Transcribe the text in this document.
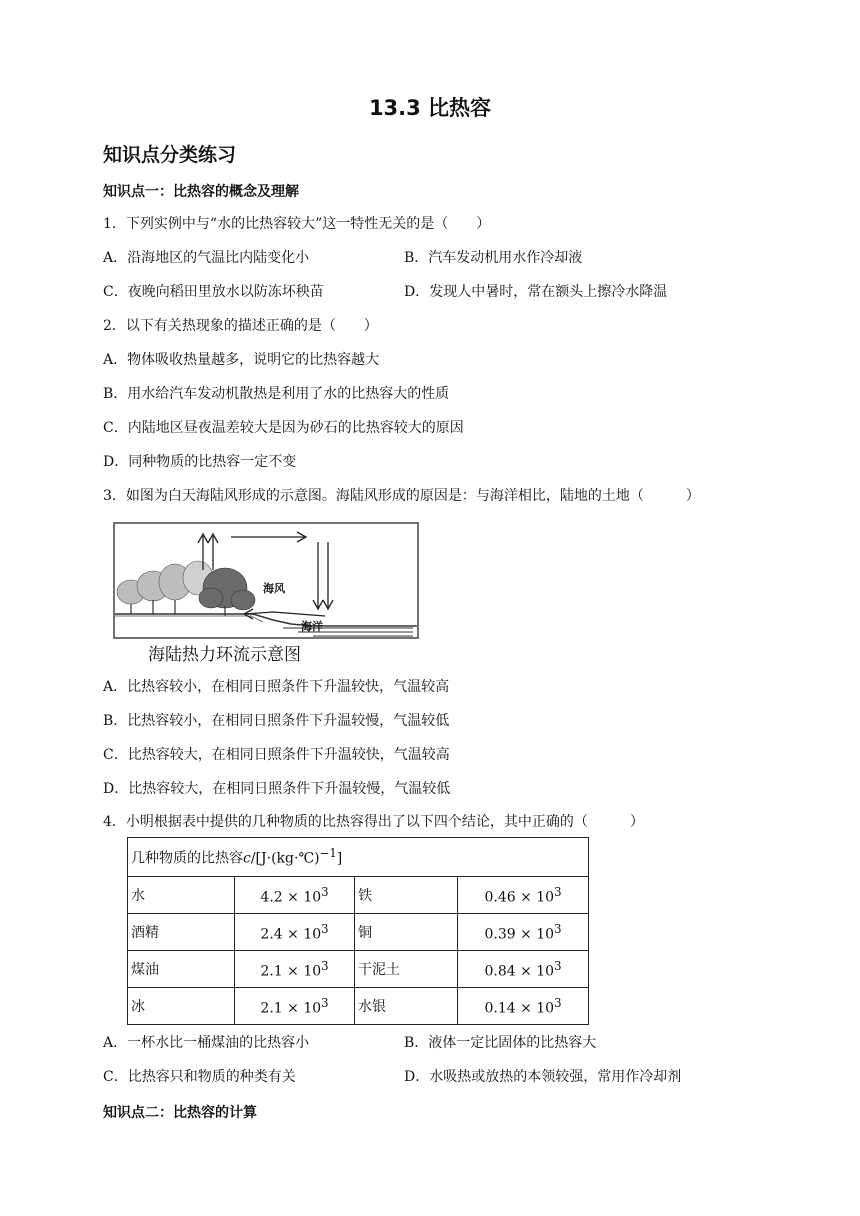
13.3 比热容
知识点分类练习
知识点一：比热容的概念及理解
1．下列实例中与“水的比热容较大”这一特性无关的是（　　）
A．沿海地区的气温比内陆变化小	B．汽车发动机用水作冷却液
C．夜晚向稻田里放水以防冻坏秧苗	D．发现人中暑时，常在额头上擦冷水降温
2．以下有关热现象的描述正确的是（　　）
A．物体吸收热量越多，说明它的比热容越大
B．用水给汽车发动机散热是利用了水的比热容大的性质
C．内陆地区昼夜温差较大是因为砂石的比热容较大的原因
D．同种物质的比热容一定不变
3．如图为白天海陆风形成的示意图。海陆风形成的原因是：与海洋相比，陆地的土地（　　　）
海风
海洋
海陆热力环流示意图
A．比热容较小，在相同日照条件下升温较快，气温较高
B．比热容较小，在相同日照条件下升温较慢，气温较低
C．比热容较大，在相同日照条件下升温较快，气温较高
D．比热容较大，在相同日照条件下升温较慢，气温较低
4．小明根据表中提供的几种物质的比热容得出了以下四个结论，其中正确的（　　　）
几种物质的比热容c/[J·(kg·℃)$^{-1}$]			
水	$4.2 \times 10^3$	铁	$0.46 \times 10^3$
酒精	$2.4 \times 10^3$	铜	$0.39 \times 10^3$
煤油	$2.1 \times 10^3$	干泥土	$0.84 \times 10^3$
冰	$2.1 \times 10^3$	水银	$0.14 \times 10^3$
A．一杯水比一桶煤油的比热容小	B．液体一定比固体的比热容大
C．比热容只和物质的种类有关	D．水吸热或放热的本领较强，常用作冷却剂
知识点二：比热容的计算
